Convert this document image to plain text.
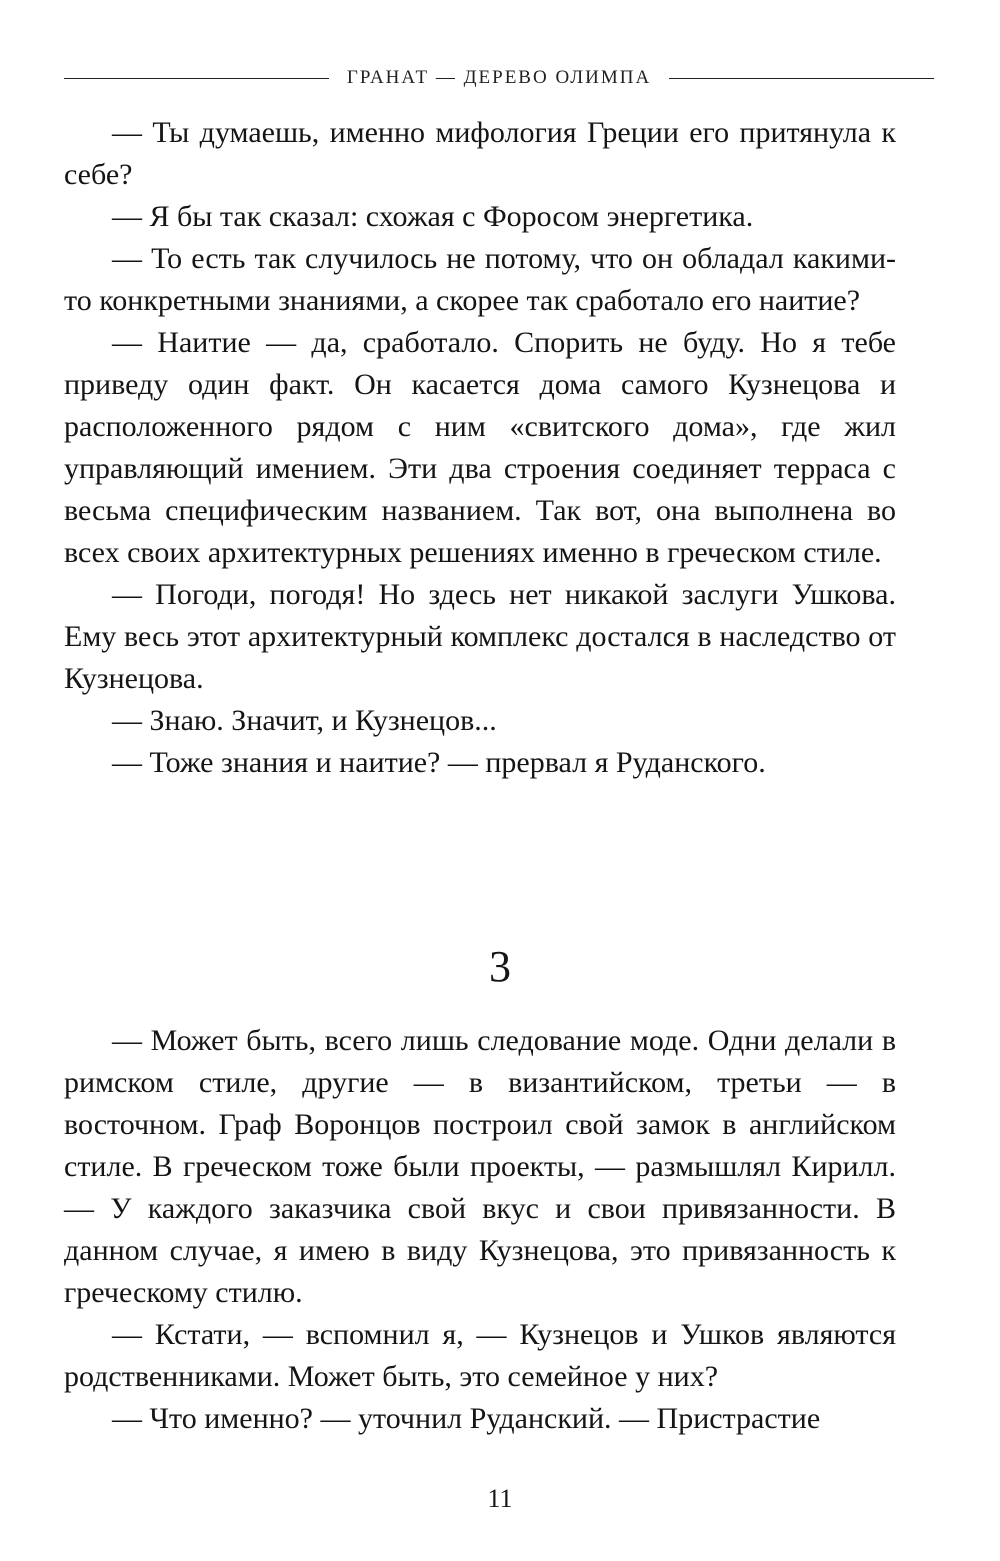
ГРАНАТ — ДЕРЕВО ОЛИМПА

— Ты думаешь, именно мифология Греции его притянула к себе?

— Я бы так сказал: схожая с Форосом энергетика.

— То есть так случилось не потому, что он обладал какими-то конкретными знаниями, а скорее так сработало его наитие?

— Наитие — да, сработало. Спорить не буду. Но я тебе приведу один факт. Он касается дома самого Кузнецова и расположенного рядом с ним «свитского дома», где жил управляющий имением. Эти два строения соединяет терраса с весьма специфическим названием. Так вот, она выполнена во всех своих архитектурных решениях именно в греческом стиле.

— Погоди, погодя! Но здесь нет никакой заслуги Ушкова. Ему весь этот архитектурный комплекс достался в наследство от Кузнецова.

— Знаю. Значит, и Кузнецов...

— Тоже знания и наитие? — прервал я Руданского.

3

— Может быть, всего лишь следование моде. Одни делали в римском стиле, другие — в византийском, третьи — в восточном. Граф Воронцов построил свой замок в английском стиле. В греческом тоже были проекты, — размышлял Кирилл. — У каждого заказчика свой вкус и свои привязанности. В данном случае, я имею в виду Кузнецова, это привязанность к греческому стилю.

— Кстати, — вспомнил я, — Кузнецов и Ушков являются родственниками. Может быть, это семейное у них?

— Что именно? — уточнил Руданский. — Пристрастие

11
